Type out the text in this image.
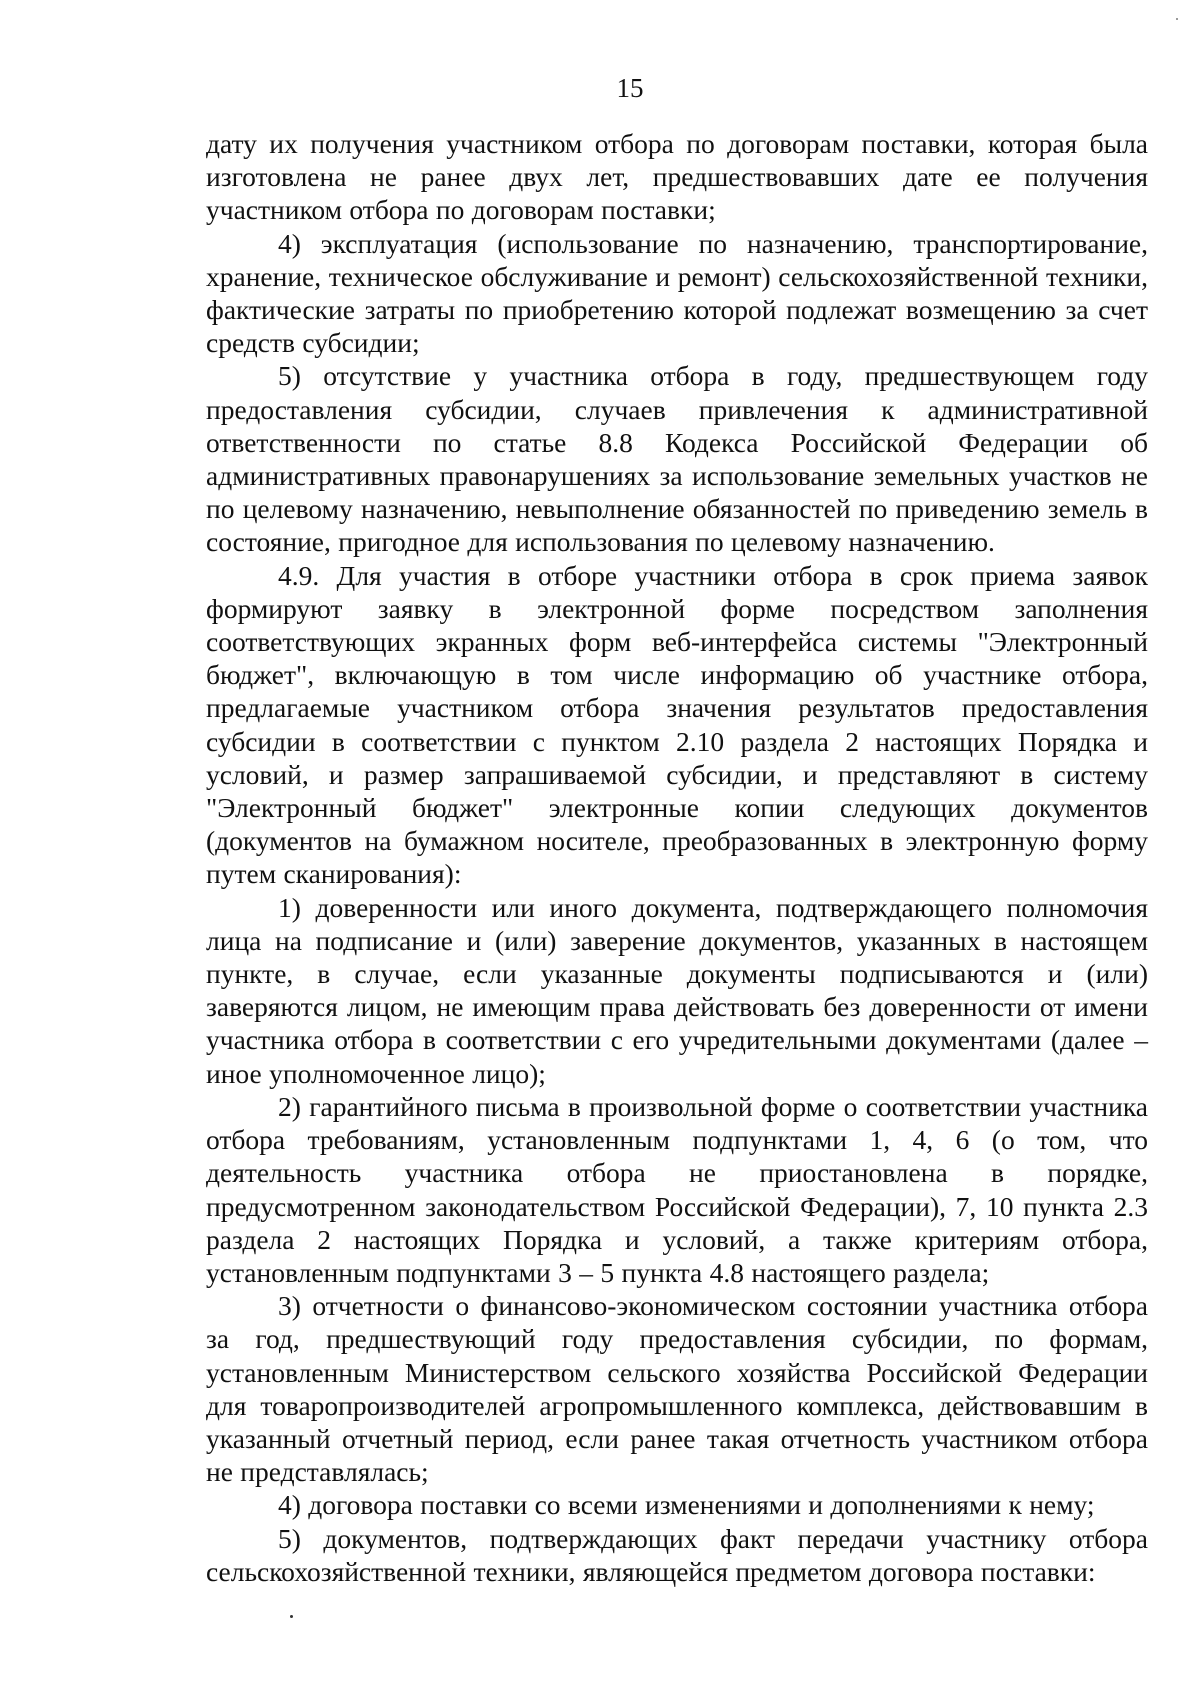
15

дату их получения участником отбора по договорам поставки, которая была изготовлена не ранее двух лет, предшествовавших дате ее получения участником отбора по договорам поставки;

4) эксплуатация (использование по назначению, транспортирование, хранение, техническое обслуживание и ремонт) сельскохозяйственной техники, фактические затраты по приобретению которой подлежат возмещению за счет средств субсидии;

5) отсутствие у участника отбора в году, предшествующем году предоставления субсидии, случаев привлечения к административной ответственности по статье 8.8 Кодекса Российской Федерации об административных правонарушениях за использование земельных участков не по целевому назначению, невыполнение обязанностей по приведению земель в состояние, пригодное для использования по целевому назначению.

4.9. Для участия в отборе участники отбора в срок приема заявок формируют заявку в электронной форме посредством заполнения соответствующих экранных форм веб-интерфейса системы "Электронный бюджет", включающую в том числе информацию об участнике отбора, предлагаемые участником отбора значения результатов предоставления субсидии в соответствии с пунктом 2.10 раздела 2 настоящих Порядка и условий, и размер запрашиваемой субсидии, и представляют в систему "Электронный бюджет" электронные копии следующих документов (документов на бумажном носителе, преобразованных в электронную форму путем сканирования):

1) доверенности или иного документа, подтверждающего полномочия лица на подписание и (или) заверение документов, указанных в настоящем пункте, в случае, если указанные документы подписываются и (или) заверяются лицом, не имеющим права действовать без доверенности от имени участника отбора в соответствии с его учредительными документами (далее – иное уполномоченное лицо);

2) гарантийного письма в произвольной форме о соответствии участника отбора требованиям, установленным подпунктами 1, 4, 6 (о том, что деятельность участника отбора не приостановлена в порядке, предусмотренном законодательством Российской Федерации), 7, 10 пункта 2.3 раздела 2 настоящих Порядка и условий, а также критериям отбора, установленным подпунктами 3 – 5 пункта 4.8 настоящего раздела;

3) отчетности о финансово-экономическом состоянии участника отбора за год, предшествующий году предоставления субсидии, по формам, установленным Министерством сельского хозяйства Российской Федерации для товаропроизводителей агропромышленного комплекса, действовавшим в указанный отчетный период, если ранее такая отчетность участником отбора не представлялась;

4) договора поставки со всеми изменениями и дополнениями к нему;

5) документов, подтверждающих факт передачи участнику отбора сельскохозяйственной техники, являющейся предметом договора поставки:
